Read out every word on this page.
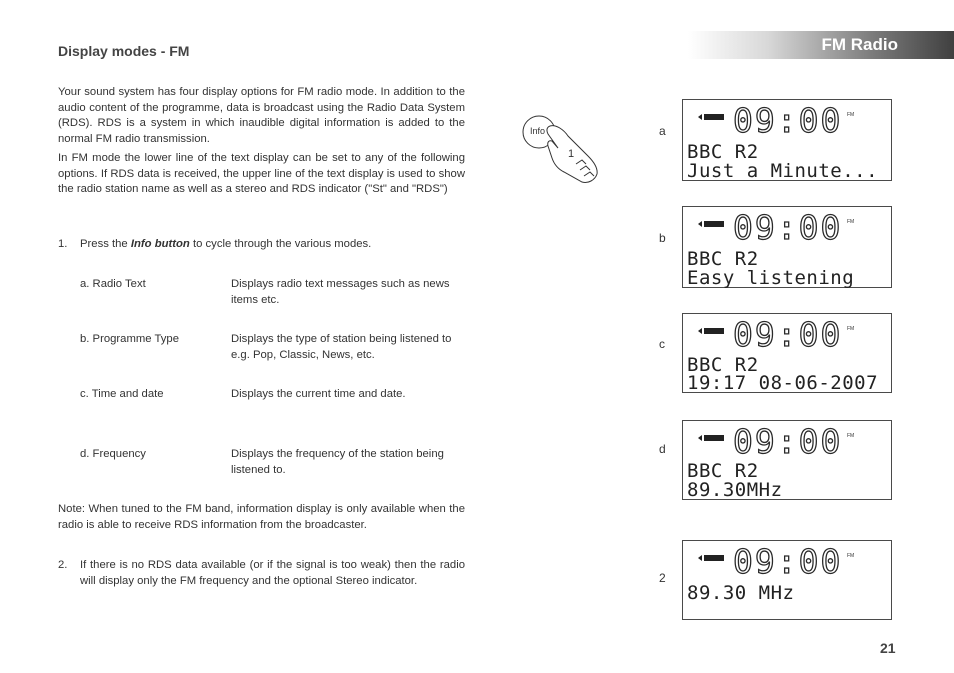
FM Radio
Display modes - FM
Your sound system has four display options for FM radio mode. In addition to the audio content of the programme, data is broadcast using the Radio Data System (RDS). RDS is a system in which inaudible digital information is added to the normal FM radio transmission.
In FM mode the lower line of the text display can be set to any of the following options. If RDS data is received, the upper line of the text display is used to show the radio station name as well as a stereo and RDS indicator ("St" and "RDS")
1. Press the Info button to cycle through the various modes.
a. Radio Text	Displays radio text messages such as news items etc.
b. Programme Type	Displays the type of station being listened to e.g. Pop, Classic, News, etc.
c. Time and date	Displays the current time and date.
d. Frequency	Displays the frequency of the station being listened to.
Note: When tuned to the FM band, information display is only available when the radio is able to receive RDS information from the broadcaster.
2. If there is no RDS data available (or if the signal is too weak) then the radio will display only the FM frequency and the optional Stereo indicator.
Info
1
a 09:00 FM
BBC R2
Just a Minute...
b 09:00 FM
BBC R2
Easy listening
c 09:00 FM
BBC R2
19:17 08-06-2007
d 09:00 FM
BBC R2
89.30MHz
2 09:00 FM
89.30 MHz
21
